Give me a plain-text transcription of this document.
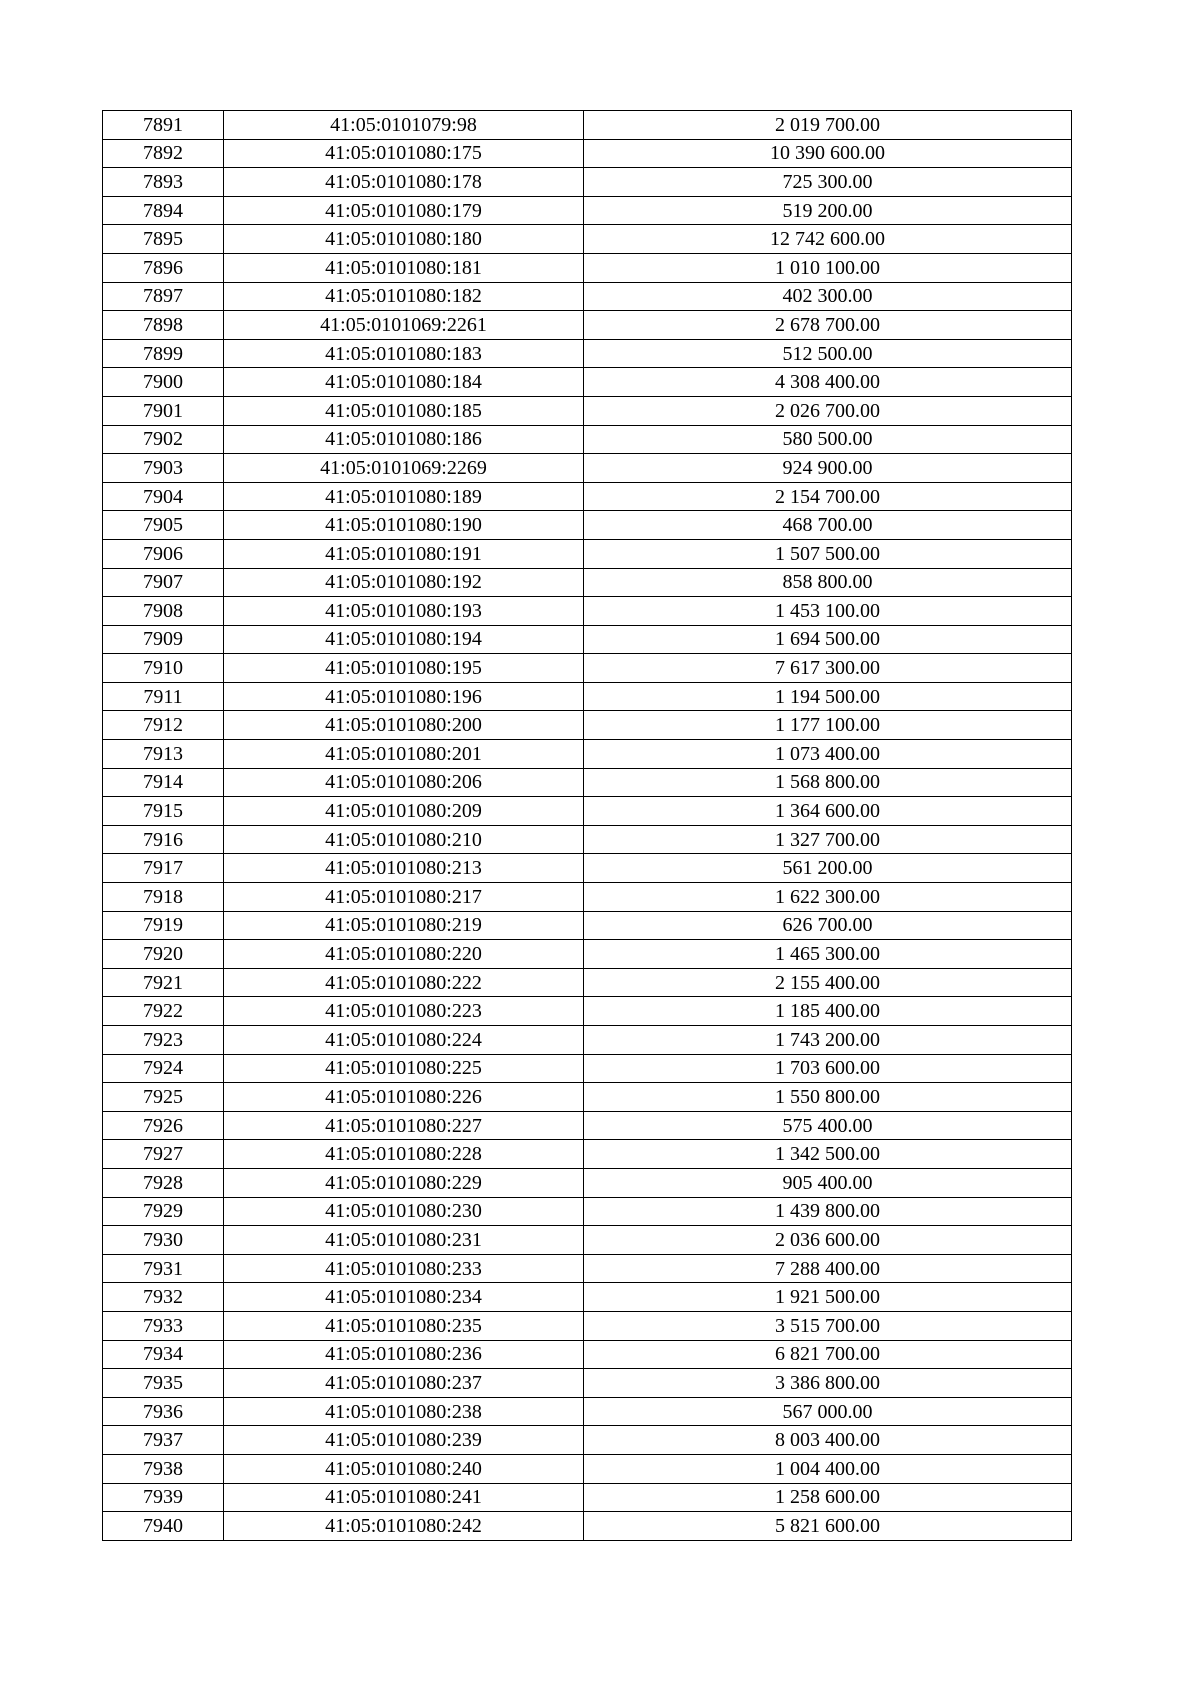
7891	41:05:0101079:98	2 019 700.00
7892	41:05:0101080:175	10 390 600.00
7893	41:05:0101080:178	725 300.00
7894	41:05:0101080:179	519 200.00
7895	41:05:0101080:180	12 742 600.00
7896	41:05:0101080:181	1 010 100.00
7897	41:05:0101080:182	402 300.00
7898	41:05:0101069:2261	2 678 700.00
7899	41:05:0101080:183	512 500.00
7900	41:05:0101080:184	4 308 400.00
7901	41:05:0101080:185	2 026 700.00
7902	41:05:0101080:186	580 500.00
7903	41:05:0101069:2269	924 900.00
7904	41:05:0101080:189	2 154 700.00
7905	41:05:0101080:190	468 700.00
7906	41:05:0101080:191	1 507 500.00
7907	41:05:0101080:192	858 800.00
7908	41:05:0101080:193	1 453 100.00
7909	41:05:0101080:194	1 694 500.00
7910	41:05:0101080:195	7 617 300.00
7911	41:05:0101080:196	1 194 500.00
7912	41:05:0101080:200	1 177 100.00
7913	41:05:0101080:201	1 073 400.00
7914	41:05:0101080:206	1 568 800.00
7915	41:05:0101080:209	1 364 600.00
7916	41:05:0101080:210	1 327 700.00
7917	41:05:0101080:213	561 200.00
7918	41:05:0101080:217	1 622 300.00
7919	41:05:0101080:219	626 700.00
7920	41:05:0101080:220	1 465 300.00
7921	41:05:0101080:222	2 155 400.00
7922	41:05:0101080:223	1 185 400.00
7923	41:05:0101080:224	1 743 200.00
7924	41:05:0101080:225	1 703 600.00
7925	41:05:0101080:226	1 550 800.00
7926	41:05:0101080:227	575 400.00
7927	41:05:0101080:228	1 342 500.00
7928	41:05:0101080:229	905 400.00
7929	41:05:0101080:230	1 439 800.00
7930	41:05:0101080:231	2 036 600.00
7931	41:05:0101080:233	7 288 400.00
7932	41:05:0101080:234	1 921 500.00
7933	41:05:0101080:235	3 515 700.00
7934	41:05:0101080:236	6 821 700.00
7935	41:05:0101080:237	3 386 800.00
7936	41:05:0101080:238	567 000.00
7937	41:05:0101080:239	8 003 400.00
7938	41:05:0101080:240	1 004 400.00
7939	41:05:0101080:241	1 258 600.00
7940	41:05:0101080:242	5 821 600.00
